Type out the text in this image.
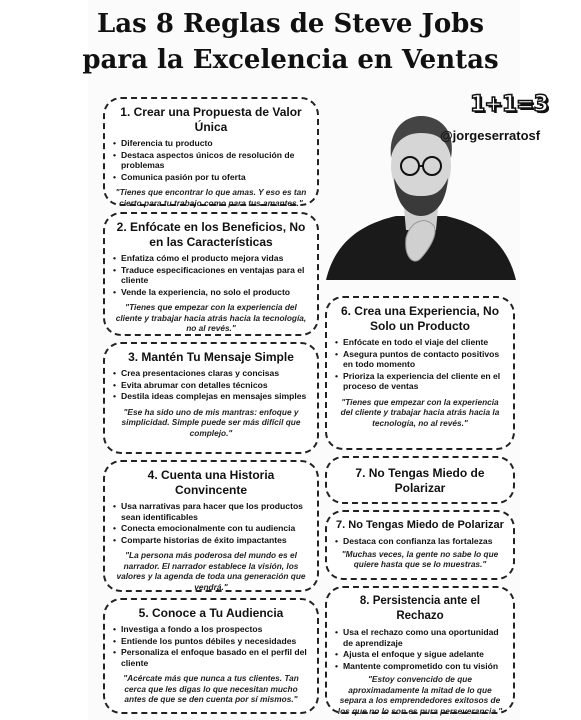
Las 8 Reglas de Steve Jobs
para la Excelencia en Ventas
1+1=3
@jorgeserratosf
1. Crear una Propuesta de Valor Única
• Diferencia tu producto
• Destaca aspectos únicos de resolución de problemas
• Comunica pasión por tu oferta
"Tienes que encontrar lo que amas. Y eso es tan cierto para tu trabajo como para tus amantes."
2. Enfócate en los Beneficios, No en las Características
• Enfatiza cómo el producto mejora vidas
• Traduce especificaciones en ventajas para el cliente
• Vende la experiencia, no solo el producto
"Tienes que empezar con la experiencia del cliente y trabajar hacia atrás hacia la tecnología, no al revés."
3. Mantén Tu Mensaje Simple
• Crea presentaciones claras y concisas
• Evita abrumar con detalles técnicos
• Destila ideas complejas en mensajes simples
"Ese ha sido uno de mis mantras: enfoque y simplicidad. Simple puede ser más difícil que complejo."
4. Cuenta una Historia Convincente
• Usa narrativas para hacer que los productos sean identificables
• Conecta emocionalmente con tu audiencia
• Comparte historias de éxito impactantes
"La persona más poderosa del mundo es el narrador. El narrador establece la visión, los valores y la agenda de toda una generación que vendrá."
5. Conoce a Tu Audiencia
• Investiga a fondo a los prospectos
• Entiende los puntos débiles y necesidades
• Personaliza el enfoque basado en el perfil del cliente
"Acércate más que nunca a tus clientes. Tan cerca que les digas lo que necesitan mucho antes de que se den cuenta por sí mismos."
6. Crea una Experiencia, No Solo un Producto
• Enfócate en todo el viaje del cliente
• Asegura puntos de contacto positivos en todo momento
• Prioriza la experiencia del cliente en el proceso de ventas
"Tienes que empezar con la experiencia del cliente y trabajar hacia atrás hacia la tecnología, no al revés."
7. No Tengas Miedo de Polarizar
7. No Tengas Miedo de Polarizar
• Destaca con confianza las fortalezas
"Muchas veces, la gente no sabe lo que quiere hasta que se lo muestras."
8. Persistencia ante el Rechazo
• Usa el rechazo como una oportunidad de aprendizaje
• Ajusta el enfoque y sigue adelante
• Mantente comprometido con tu visión
"Estoy convencido de que aproximadamente la mitad de lo que separa a los emprendedores exitosos de los que no lo son es pura perseverancia."
